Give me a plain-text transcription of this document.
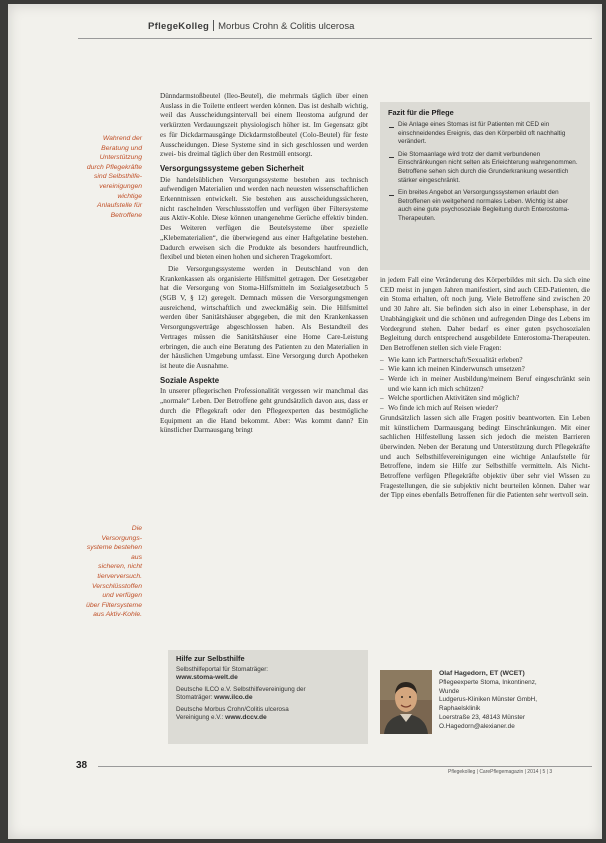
PflegeKolleg Morbus Crohn & Colitis ulcerosa
Wahrend der
Beratung und
Unterstützung
durch Pflegekräfte
sind Selbsthilfe-
vereinigungen
wichtige
Anlaufstelle für
Betroffene
Die
Versorgungs-
systeme bestehen
aus
sicheren, nicht
tierverversuch.
Verschlüsstoffen
und verfügen
über Filtersysteme
aus Aktiv-Kohle.

Dünndarmstoßbeutel (Ileo-Beutel), die mehrmals täglich über einen Auslass in die Toilette entleert werden können. Das ist deshalb wichtig, weil das Ausscheidungsintervall bei einem Ileostoma aufgrund der verkürzten Verdauungszeit physiologisch höher ist. Im Gegensatz gibt es für Dickdarmausgänge Dickdarmstoßbeutel (Colo-Beutel) für feste Ausscheidungen. Diese Systeme sind in sich geschlossen und werden zwei- bis dreimal täglich über den Restmüll entsorgt.

Versorgungssysteme geben Sicherheit

Die handelsüblichen Versorgungssysteme bestehen aus technisch aufwendigen Materialien und werden nach neuesten wissenschaftlichen Erkenntnissen entwickelt. Sie bestehen aus ausscheidungssicheren, nicht raschelnden Verschlussstoffen und verfügen über Filtersysteme aus Aktiv-Kohle. Diese können unangenehme Gerüche effektiv binden. Des Weiteren verfügen die Beutelsysteme über spezielle „Klebematerialien“, die überwiegend aus einer Haftgelatine bestehen. Dadurch erweisen sich die Produkte als besonders hautfreundlich, flexibel und bieten einen hohen und sicheren Tragekomfort.

Die Versorgungssysteme werden in Deutschland von den Krankenkassen als organisierte Hilfsmittel getragen. Der Gesetzgeber hat die Versorgung von Stoma-Hilfsmitteln im Sozialgesetzbuch 5 (SGB V, § 12) geregelt. Demnach müssen die Versorgungsmengen ausreichend, wirtschaftlich und zweckmäßig sein. Die Hilfsmittel werden über Sanitätshäuser abgegeben, die mit den Krankenkassen Versorgungsverträge abgeschlossen haben. Als Bestandteil des Vertrages müssen die Sanitätshäuser eine Home Care-Leistung erbringen, die auch eine Beratung des Patienten zu den Materialien in der häuslichen Umgebung umfasst. Eine Versorgung durch Apotheken ist heute die Ausnahme.

Soziale Aspekte

In unserer pflegerischen Professionalität vergessen wir manchmal das „normale“ Leben. Der Betroffene geht grundsätzlich davon aus, dass er durch die Pflegekraft oder den Pflegeexperten das bestmögliche Equipment an die Hand bekommt. Aber: Was kommt dann? Ein künstlicher Darmausgang bringt

Fazit für die Pflege
Die Anlage eines Stomas ist für Patienten mit CED ein einschneidendes Ereignis, das den Körperbild oft nachhaltig verändert.
Die Stomaanlage wird trotz der damit verbundenen Einschränkungen nicht selten als Erleichterung wahrgenommen. Betroffene sehen sich durch die Grunderkrankung wesentlich stärker eingeschränkt.
Ein breites Angebot an Versorgungssystemen erlaubt den Betroffenen ein weitgehend normales Leben. Wichtig ist aber auch eine gute psychosoziale Begleitung durch Enterostoma-Therapeuten.

in jedem Fall eine Veränderung des Körperbildes mit sich. Da sich eine CED meist in jungen Jahren manifestiert, sind auch CED-Patienten, die ein Stoma erhalten, oft noch jung. Viele Betroffene sind zwischen 20 und 30 Jahre alt. Sie befinden sich also in einer Lebensphase, in der Unabhängigkeit und die schönen und aufregenden Dinge des Lebens im Vordergrund stehen. Daher bedarf es einer guten psychosozialen Begleitung durch entsprechend ausgebildete Enterostoma-Therapeuten. Den Betroffenen stellen sich viele Fragen:

– Wie kann ich Partnerschaft/Sexualität erleben?
– Wie kann ich meinen Kinderwunsch umsetzen?
– Werde ich in meiner Ausbildung/meinem Beruf eingeschränkt sein und wie kann ich mich schützen?
– Welche sportlichen Aktivitäten sind möglich?
– Wo finde ich mich auf Reisen wieder?

Grundsätzlich lassen sich alle Fragen positiv beantworten. Ein Leben mit künstlichem Darmausgang bedingt Einschränkungen. Mit einer sachlichen Hilfestellung lassen sich jedoch die meisten Barrieren überwinden. Neben der Beratung und Unterstützung durch Pflegekräfte und auch Selbsthilfevereinigungen eine wichtige Anlaufstelle für Betroffene, indem sie Hilfe zur Selbsthilfe vermitteln. Als Nicht-Betroffene verfügen Pflegekräfte objektiv über sehr viel Wissen zu Fragestellungen, die sie subjektiv nicht beurteilen können. Daher war der Tipp eines ebenfalls Betroffenen für die Patienten sehr wertvoll sein.

Hilfe zur Selbsthilfe
Selbsthilfeportal für Stomaträger:
www.stoma-welt.de
Deutsche ILCO e.V. Selbsthilfevereinigung der
Stomaträger: www.ilco.de
Deutsche Morbus Crohn/Colitis ulcerosa
Vereinigung e.V.: www.dccv.de
Olaf Hagedorn, ET (WCET)
Pflegeexperte Stoma, Inkontinenz,
Wunde
Ludgerus-Kliniken Münster GmbH,
Raphaelsklinik
Loerstraße 23, 48143 Münster
O.Hagedorn@alexianer.de
38
Pflegekolleg | CarePflegemagazin | 2014 | 5 | 3
